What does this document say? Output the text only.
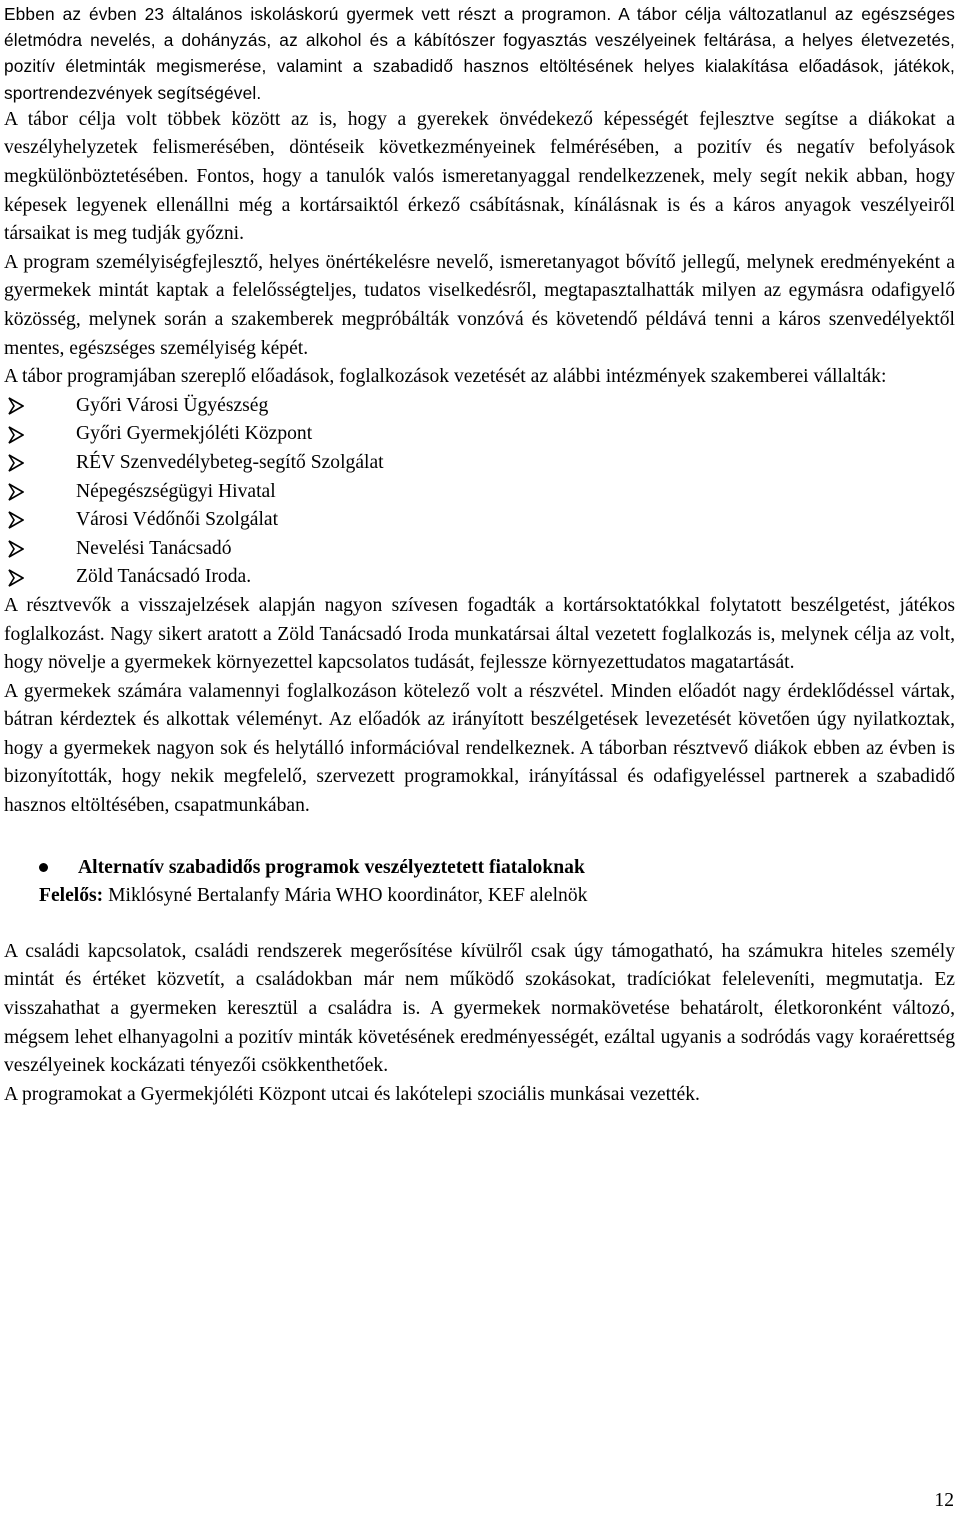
Ebben az évben 23 általános iskoláskorú gyermek vett részt a programon. A tábor célja változatlanul az egészséges életmódra nevelés, a dohányzás, az alkohol és a kábítószer fogyasztás veszélyeinek feltárása, a helyes életvezetés, pozitív életminták megismerése, valamint a szabadidő hasznos eltöltésének helyes kialakítása előadások, játékok, sportrendezvények segítségével.

A tábor célja volt többek között az is, hogy a gyerekek önvédekező képességét fejlesztve segítse a diákokat a veszélyhelyzetek felismerésében, döntéseik következményeinek felmérésében, a pozitív és negatív befolyások megkülönböztetésében. Fontos, hogy a tanulók valós ismeretanyaggal rendelkezzenek, mely segít nekik abban, hogy képesek legyenek ellenállni még a kortársaiktól érkező csábításnak, kínálásnak is és a káros anyagok veszélyeiről társaikat is meg tudják győzni.

A program személyiségfejlesztő, helyes önértékelésre nevelő, ismeretanyagot bővítő jellegű, melynek eredményeként a gyermekek mintát kaptak a felelősségteljes, tudatos viselkedésről, megtapasztalhatták milyen az egymásra odafigyelő közösség, melynek során a szakemberek megpróbálták vonzóvá és követendő példává tenni a káros szenvedélyektől mentes, egészséges személyiség képét.

A tábor programjában szereplő előadások, foglalkozások vezetését az alábbi intézmények szakemberei vállalták:

Győri Városi Ügyészség
Győri Gyermekjóléti Központ
RÉV Szenvedélybeteg-segítő Szolgálat
Népegészségügyi Hivatal
Városi Védőnői Szolgálat
Nevelési Tanácsadó
Zöld Tanácsadó Iroda.

A résztvevők a visszajelzések alapján nagyon szívesen fogadták a kortársoktatókkal folytatott beszélgetést, játékos foglalkozást. Nagy sikert aratott a Zöld Tanácsadó Iroda munkatársai által vezetett foglalkozás is, melynek célja az volt, hogy növelje a gyermekek környezettel kapcsolatos tudását, fejlessze környezettudatos magatartását.

A gyermekek számára valamennyi foglalkozáson kötelező volt a részvétel. Minden előadót nagy érdeklődéssel vártak, bátran kérdeztek és alkottak véleményt. Az előadók az irányított beszélgetések levezetését követően úgy nyilatkoztak, hogy a gyermekek nagyon sok és helytálló információval rendelkeznek. A táborban résztvevő diákok ebben az évben is bizonyították, hogy nekik megfelelő, szervezett programokkal, irányítással és odafigyeléssel partnerek a szabadidő hasznos eltöltésében, csapatmunkában.

Alternatív szabadidős programok veszélyeztetett fiataloknak
Felelős: Miklósyné Bertalanfy Mária WHO koordinátor, KEF alelnök

A családi kapcsolatok, családi rendszerek megerősítése kívülről csak úgy támogatható, ha számukra hiteles személy mintát és értéket közvetít, a családokban már nem működő szokásokat, tradíciókat feleleveníti, megmutatja. Ez visszahathat a gyermeken keresztül a családra is. A gyermekek normakövetése behatárolt, életkoronként változó, mégsem lehet elhanyagolni a pozitív minták követésének eredményességét, ezáltal ugyanis a sodródás vagy koraérettség veszélyeinek kockázati tényezői csökkenthetőek.

A programokat a Gyermekjóléti Központ utcai és lakótelepi szociális munkásai vezették.

12
